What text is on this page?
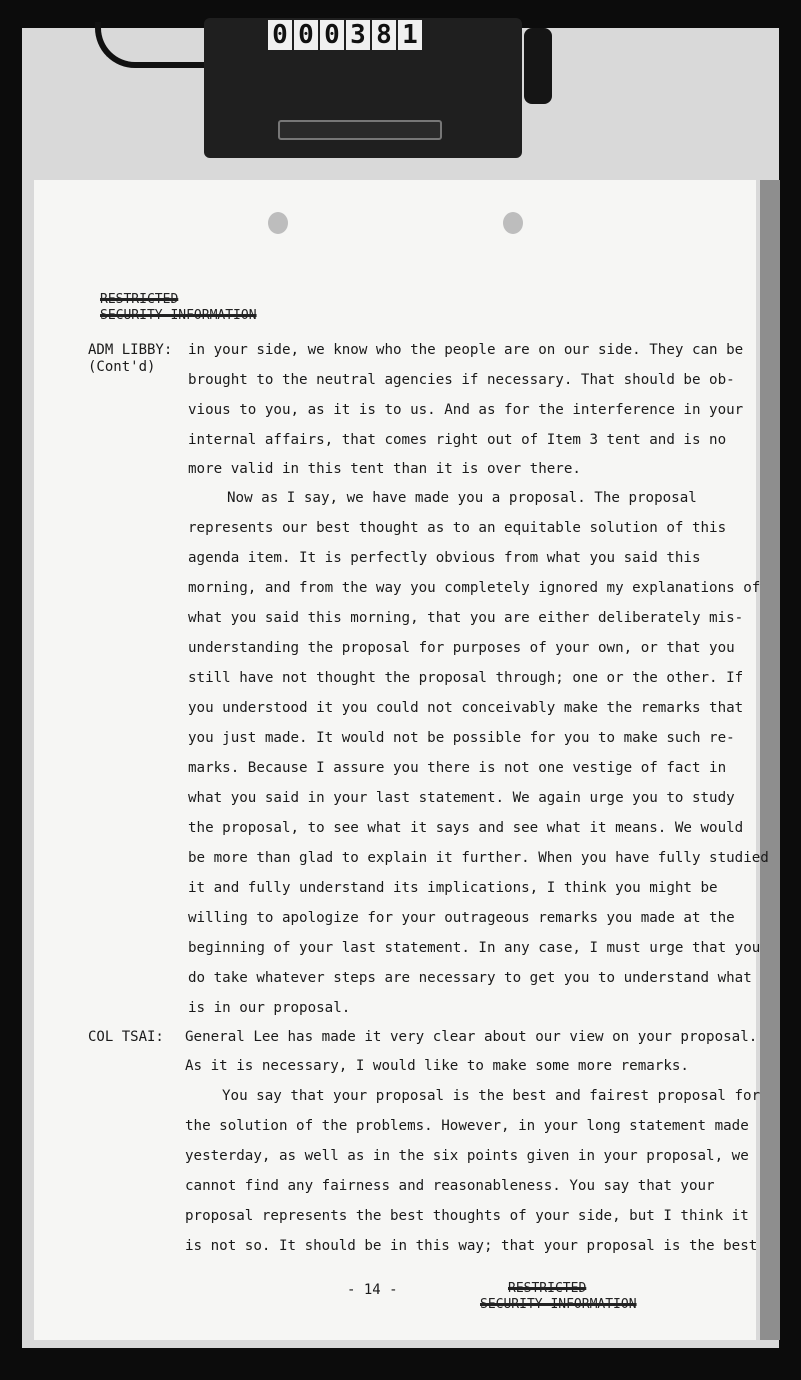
0 0 0 3 8 1
RESTRICTED
SECURITY INFORMATION
ADM LIBBY:
(Cont'd)
COL TSAI:
in your side, we know who the people are on our side. They can be
brought to the neutral agencies if necessary. That should be ob-
vious to you, as it is to us. And as for the interference in your
internal affairs, that comes right out of Item 3 tent and is no
more valid in this tent than it is over there.
Now as I say, we have made you a proposal. The proposal
represents our best thought as to an equitable solution of this
agenda item. It is perfectly obvious from what you said this
morning, and from the way you completely ignored my explanations of
what you said this morning, that you are either deliberately mis-
understanding the proposal for purposes of your own, or that you
still have not thought the proposal through; one or the other. If
you understood it you could not conceivably make the remarks that
you just made. It would not be possible for you to make such re-
marks. Because I assure you there is not one vestige of fact in
what you said in your last statement. We again urge you to study
the proposal, to see what it says and see what it means. We would
be more than glad to explain it further. When you have fully studied
it and fully understand its implications, I think you might be
willing to apologize for your outrageous remarks you made at the
beginning of your last statement. In any case, I must urge that you
do take whatever steps are necessary to get you to understand what
is in our proposal.
General Lee has made it very clear about our view on your proposal.
As it is necessary, I would like to make some more remarks.
You say that your proposal is the best and fairest proposal for
the solution of the problems. However, in your long statement made
yesterday, as well as in the six points given in your proposal, we
cannot find any fairness and reasonableness. You say that your
proposal represents the best thoughts of your side, but I think it
is not so. It should be in this way; that your proposal is the best
- 14 -	RESTRICTED
SECURITY INFORMATION
